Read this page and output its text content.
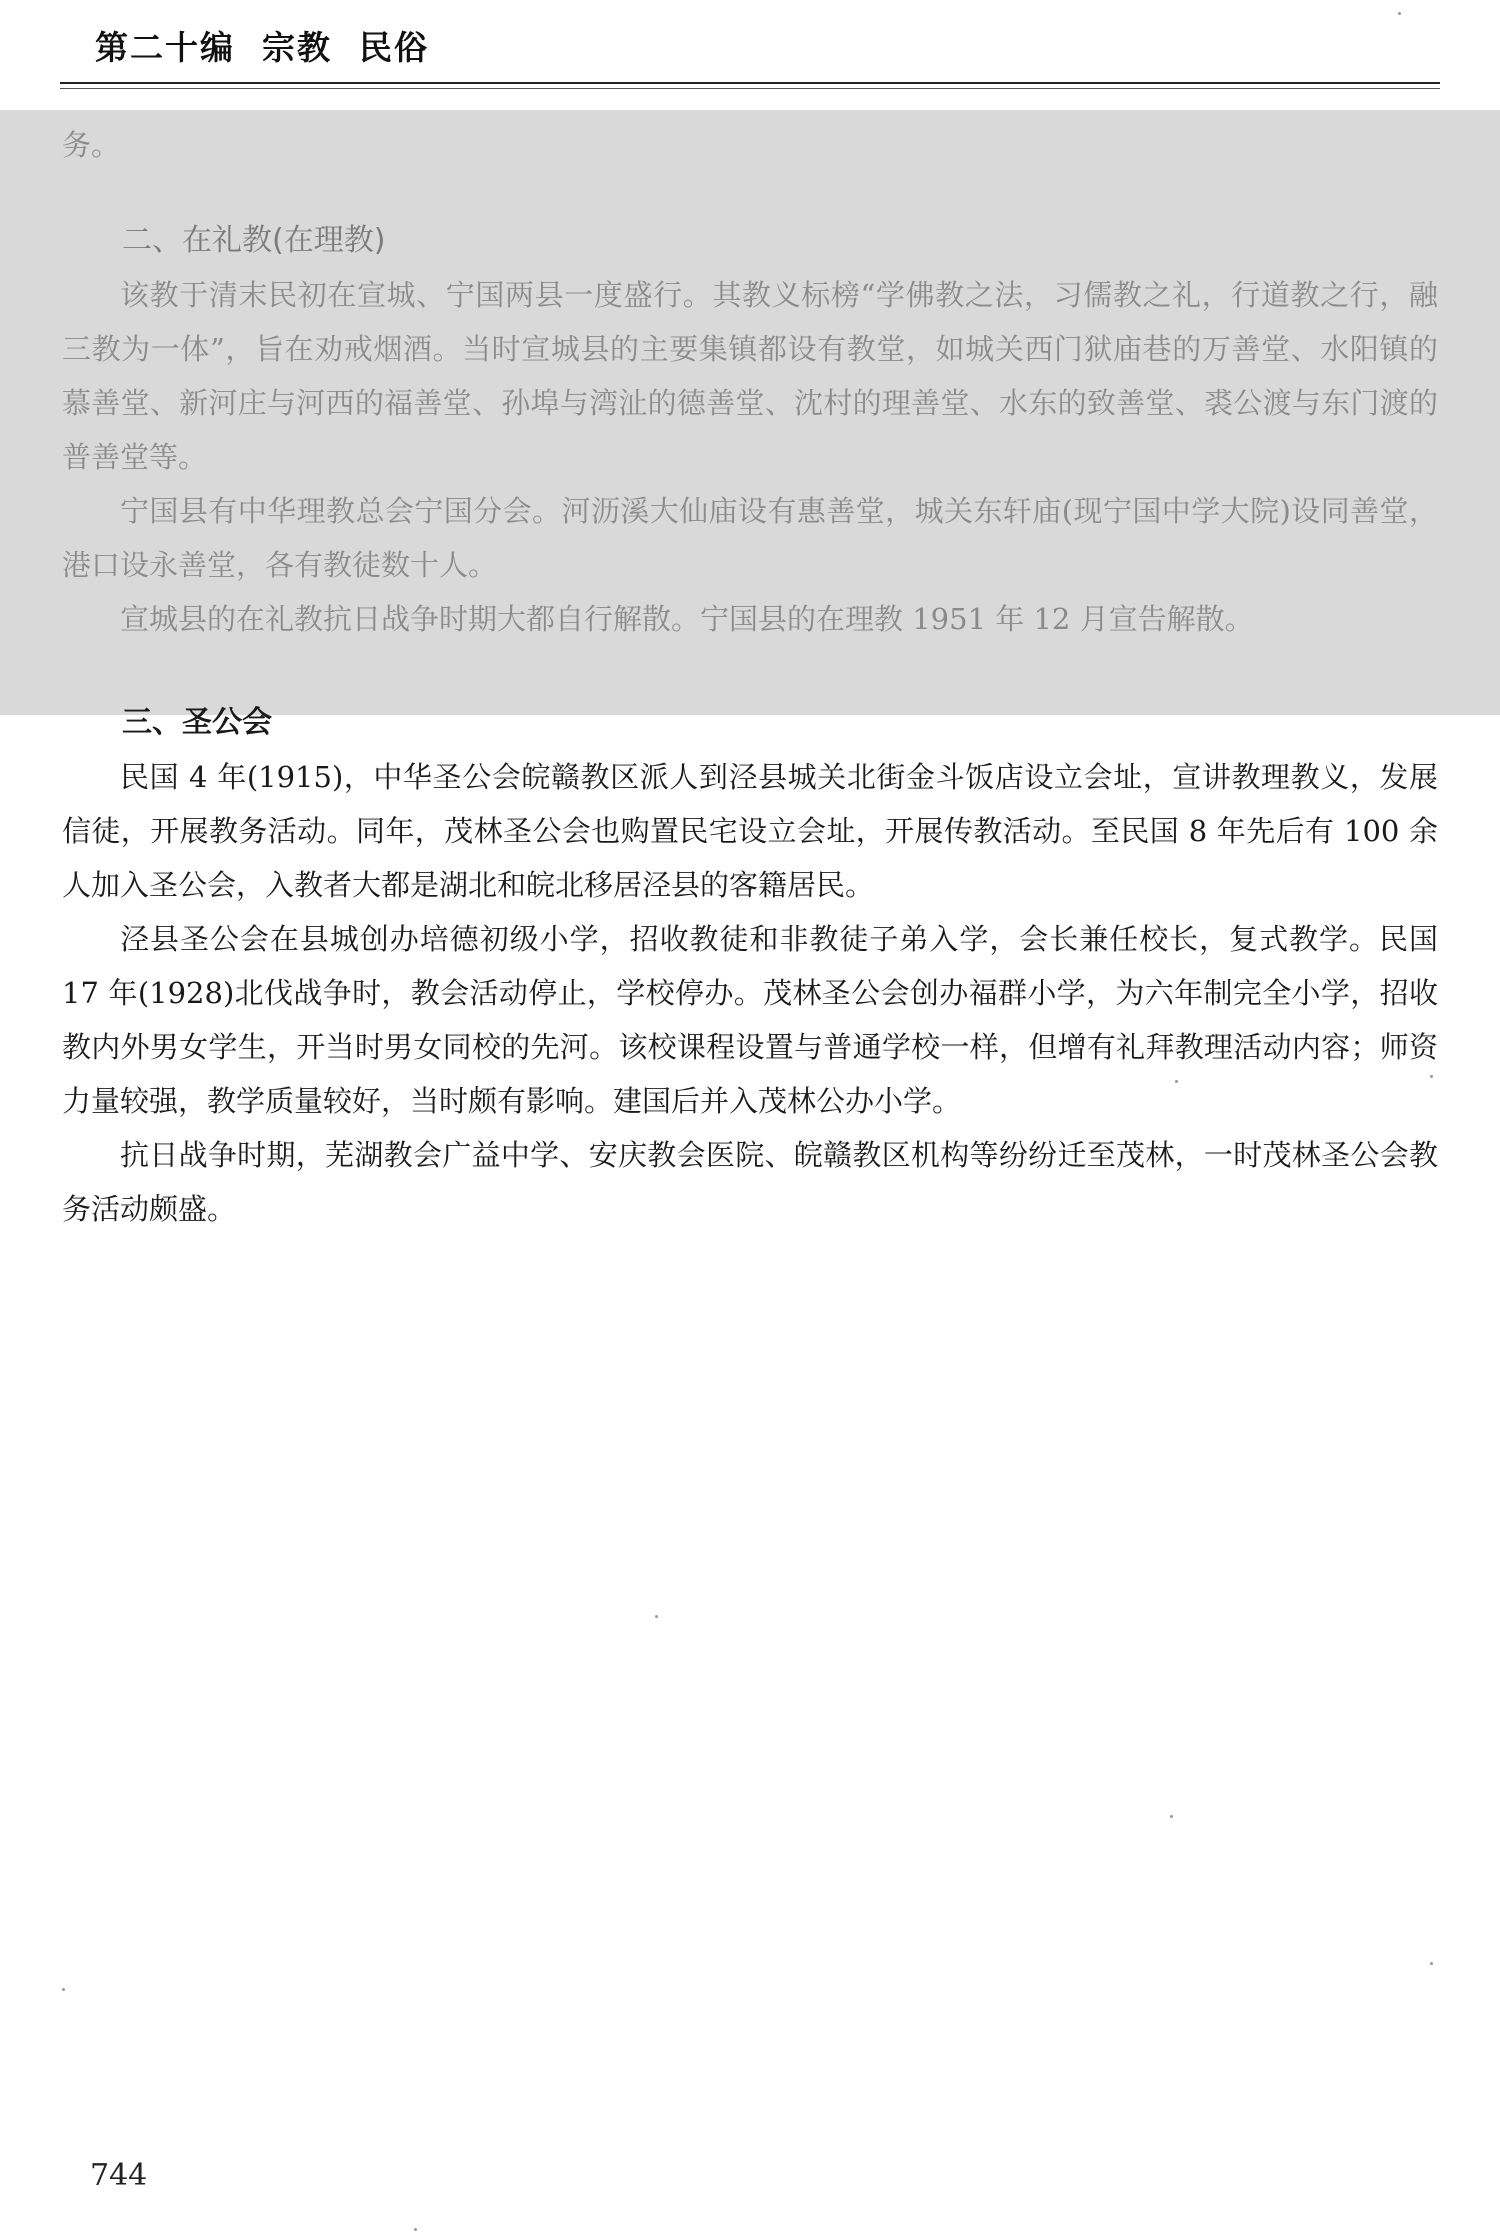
第二十编  宗教  民俗

务。

二、在礼教(在理教)

该教于清末民初在宣城、宁国两县一度盛行。其教义标榜“学佛教之法，习儒教之礼，行道教之行，融三教为一体”，旨在劝戒烟酒。当时宣城县的主要集镇都设有教堂，如城关西门狱庙巷的万善堂、水阳镇的慕善堂、新河庄与河西的福善堂、孙埠与湾沚的德善堂、沈村的理善堂、水东的致善堂、裘公渡与东门渡的普善堂等。

宁国县有中华理教总会宁国分会。河沥溪大仙庙设有惠善堂，城关东轩庙(现宁国中学大院)设同善堂，港口设永善堂，各有教徒数十人。

宣城县的在礼教抗日战争时期大都自行解散。宁国县的在理教 1951 年 12 月宣告解散。

三、圣公会

民国 4 年(1915)，中华圣公会皖赣教区派人到泾县城关北街金斗饭店设立会址，宣讲教理教义，发展信徒，开展教务活动。同年，茂林圣公会也购置民宅设立会址，开展传教活动。至民国 8 年先后有 100 余人加入圣公会，入教者大都是湖北和皖北移居泾县的客籍居民。

泾县圣公会在县城创办培德初级小学，招收教徒和非教徒子弟入学，会长兼任校长，复式教学。民国 17 年(1928)北伐战争时，教会活动停止，学校停办。茂林圣公会创办福群小学，为六年制完全小学，招收教内外男女学生，开当时男女同校的先河。该校课程设置与普通学校一样，但增有礼拜教理活动内容；师资力量较强，教学质量较好，当时颇有影响。建国后并入茂林公办小学。

抗日战争时期，芜湖教会广益中学、安庆教会医院、皖赣教区机构等纷纷迁至茂林，一时茂林圣公会教务活动颇盛。

744
